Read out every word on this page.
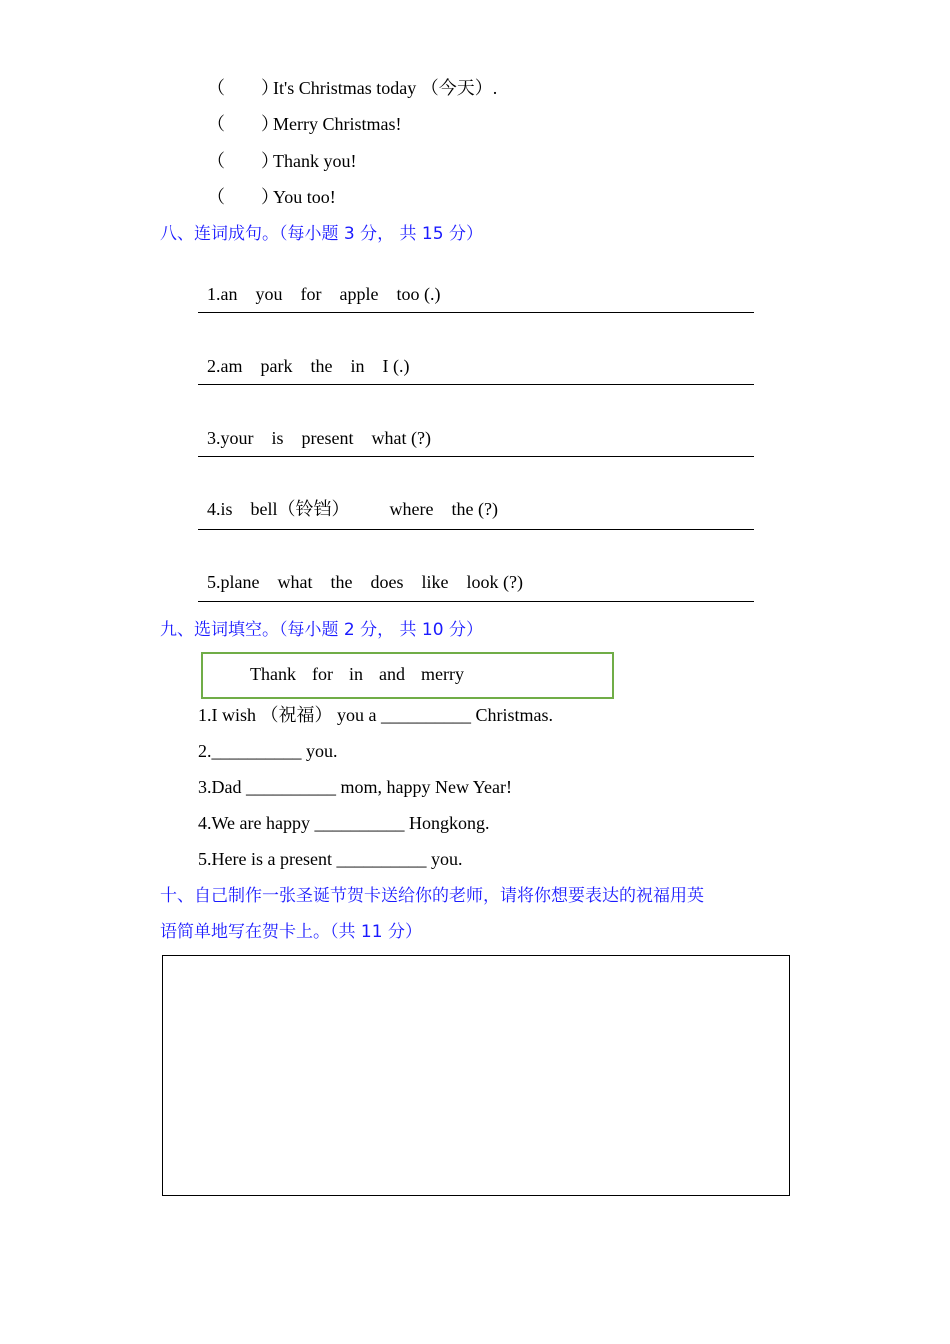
（　　）It's Christmas today （今天）.
（　　）Merry Christmas!
（　　）Thank you!
（　　）You too!
八、连词成句。（每小题 3 分， 共 15 分）

1.an you for apple too (.)

2.am park the in I (.)

3.your is present what (?)

4.is bell（铃铛） where the (?)

5.plane what the does like look (?)

九、选词填空。（每小题 2 分， 共 10 分）
Thank for in and merry
1.I wish （祝福） you a __________ Christmas.
2.__________ you.
3.Dad __________ mom, happy New Year!
4.We are happy __________ Hongkong.
5.Here is a present __________ you.
十、自己制作一张圣诞节贺卡送给你的老师，请将你想要表达的祝福用英
语简单地写在贺卡上。（共 11 分）
